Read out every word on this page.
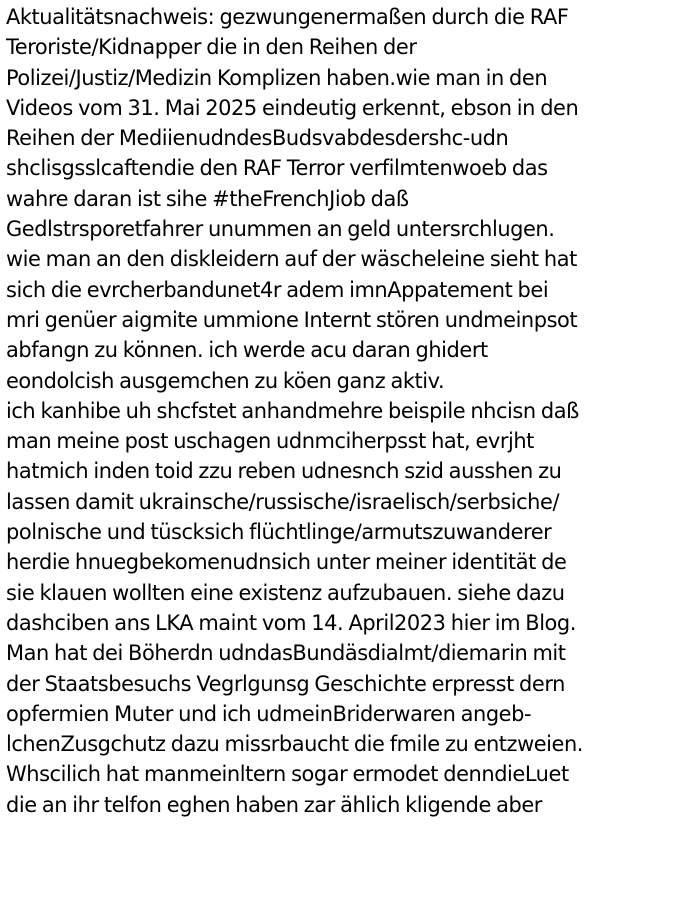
Aktualitätsnachweis: gezwungenermaßen durch die RAF
Teroriste/Kidnapper die in den Reihen der
Polizei/Justiz/Medizin Komplizen haben.wie man in den
Videos vom 31. Mai 2025 eindeutig erkennt, ebson in den
Reihen der MediienudndesBudsvabdesdershc-udn
shclisgsslcaftendie den RAF Terror verfilmtenwoeb das
wahre daran ist sihe #theFrenchJiob daß
Gedlstrsporetfahrer unummen an geld untersrchlugen.
wie man an den diskleidern auf der wäscheleine sieht hat
sich die evrcherbandunet4r adem imnAppatement bei
mri genüer aigmite ummione Internt stören undmeinpsot
abfangn zu können. ich werde acu daran ghidert
eondolcish ausgemchen zu köen ganz aktiv.
ich kanhibe uh shcfstet anhandmehre beispile nhcisn daß
man meine post uschagen udnmciherpsst hat, evrjht
hatmich inden toid zzu reben udnesnch szid ausshen zu
lassen damit ukrainsche/russische/israelisch/serbsiche/
polnische und tüscksich flüchtlinge/armutszuwanderer
herdie hnuegbekomenudnsich unter meiner identität de
sie klauen wollten eine existenz aufzubauen. siehe dazu
dashciben ans LKA maint vom 14. April2023 hier im Blog.
Man hat dei Böherdn udndasBundäsdialmt/diemarin mit
der Staatsbesuchs Vegrlgunsg Geschichte erpresst dern
opfermien Muter und ich udmeinBriderwaren angeb-
lchenZusgchutz dazu missrbaucht die fmile zu entzweien.
Whscilich hat manmeinltern sogar ermodet denndieLuet
die an ihr telfon eghen haben zar ählich kligende aber
